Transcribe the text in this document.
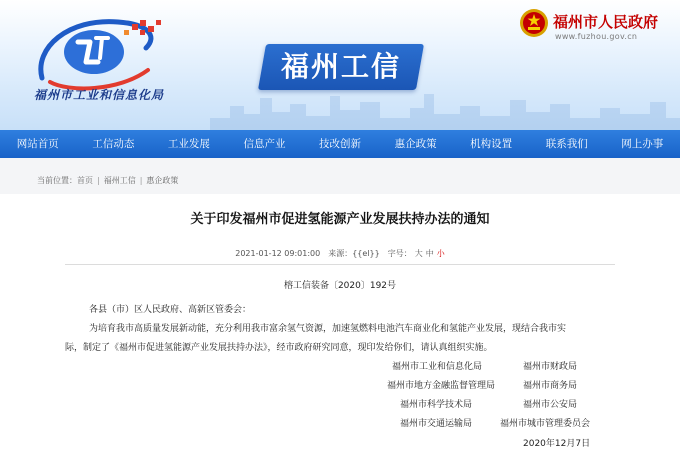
福州市工业和信息化局
福州工信
福州市人民政府
www.fuzhou.gov.cn
网站首页	工信动态	工业发展	信息产业	技改创新	惠企政策	机构设置	联系我们	网上办事
当前位置：首页 | 福州工信 | 惠企政策
关于印发福州市促进氢能源产业发展扶持办法的通知
2021-01-12 09:01:00 来源：{{el}} 字号： 大 中 小
榕工信装备〔2020〕192号
各县（市）区人民政府、高新区管委会：
为培育我市高质量发展新动能，充分利用我市富余氢气资源，加速氢燃料电池汽车商业化和氢能产业发展，现结合我市实
际，制定了《福州市促进氢能源产业发展扶持办法》，经市政府研究同意，现印发给你们，请认真组织实施。
福州市工业和信息化局	福州市财政局
福州市地方金融监督管理局	福州市商务局
福州市科学技术局	福州市公安局
福州市交通运输局	福州市城市管理委员会
2020年12月7日
